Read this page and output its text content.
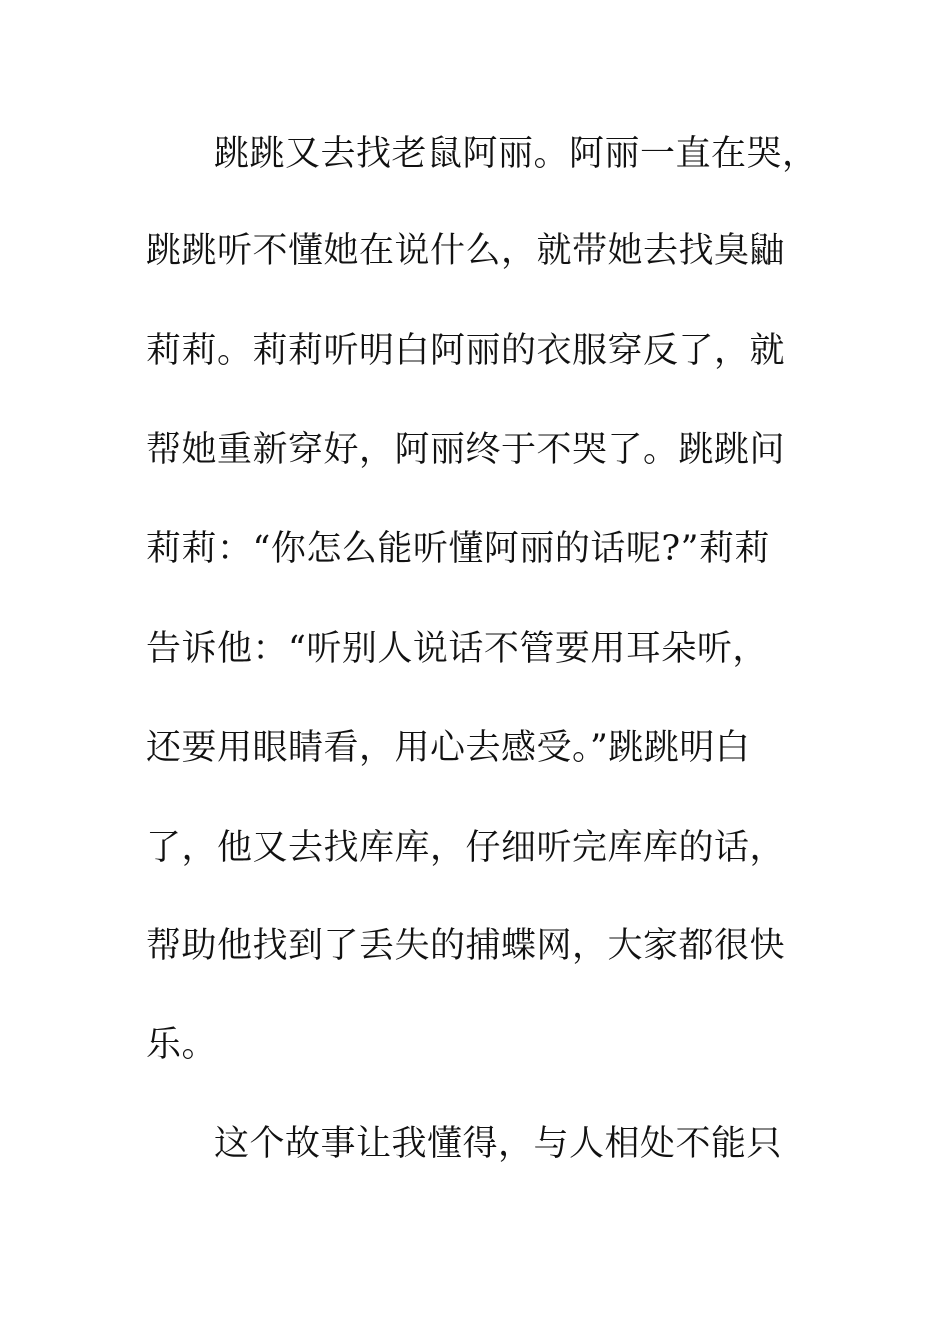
跳跳又去找老鼠阿丽。阿丽一直在哭，
跳跳听不懂她在说什么，就带她去找臭鼬
莉莉。莉莉听明白阿丽的衣服穿反了，就
帮她重新穿好，阿丽终于不哭了。跳跳问
莉莉：“你怎么能听懂阿丽的话呢?”莉莉
告诉他：“听别人说话不管要用耳朵听，
还要用眼睛看，用心去感受。”跳跳明白
了，他又去找库库，仔细听完库库的话，
帮助他找到了丢失的捕蝶网，大家都很快
乐。
这个故事让我懂得，与人相处不能只
